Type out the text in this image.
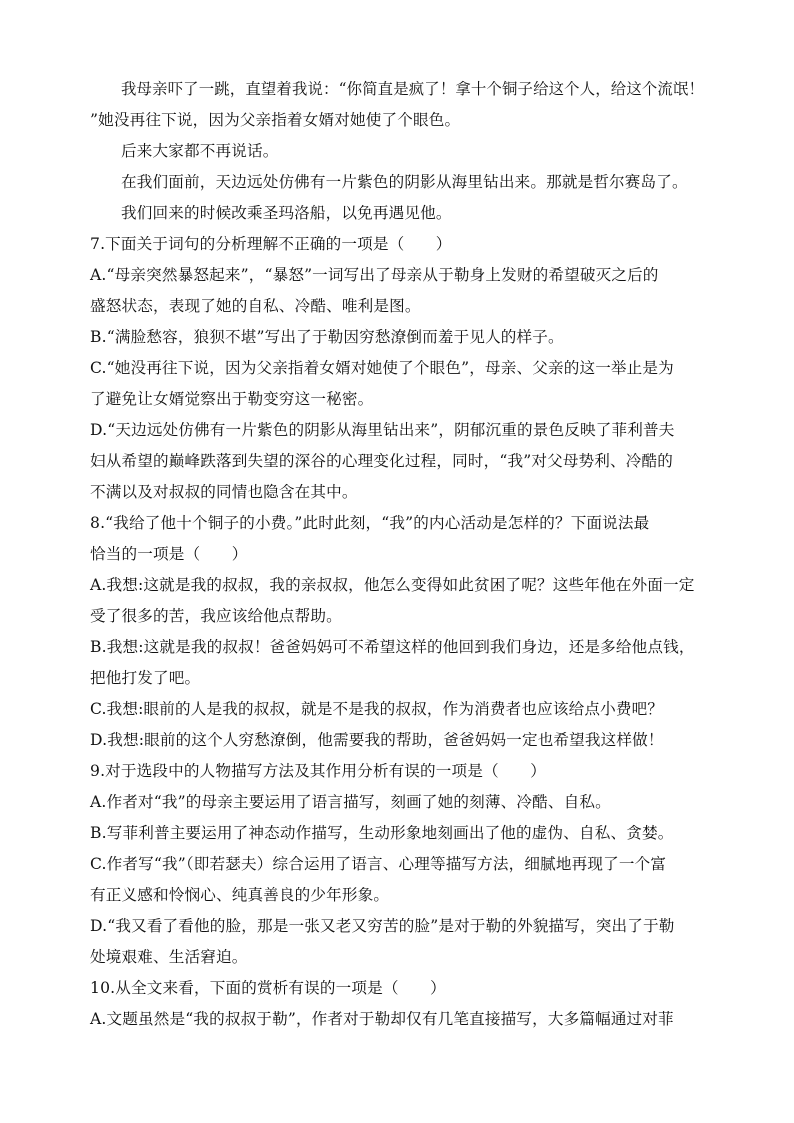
我母亲吓了一跳，直望着我说：“你简直是疯了！拿十个铜子给这个人，给这个流氓！
”她没再往下说，因为父亲指着女婿对她使了个眼色。
后来大家都不再说话。
在我们面前，天边远处仿佛有一片紫色的阴影从海里钻出来。那就是哲尔赛岛了。
我们回来的时候改乘圣玛洛船，以免再遇见他。
7.下面关于词句的分析理解不正确的一项是（　　）
A.“母亲突然暴怒起来”，“暴怒”一词写出了母亲从于勒身上发财的希望破灭之后的
盛怒状态，表现了她的自私、冷酷、唯利是图。
B.“满脸愁容，狼狈不堪”写出了于勒因穷愁潦倒而羞于见人的样子。
C.“她没再往下说，因为父亲指着女婿对她使了个眼色”，母亲、父亲的这一举止是为
了避免让女婿觉察出于勒变穷这一秘密。
D.“天边远处仿佛有一片紫色的阴影从海里钻出来”，阴郁沉重的景色反映了菲利普夫
妇从希望的巅峰跌落到失望的深谷的心理变化过程，同时，“我”对父母势利、冷酷的
不满以及对叔叔的同情也隐含在其中。
8.“我给了他十个铜子的小费。”此时此刻，“我”的内心活动是怎样的？下面说法最
恰当的一项是（　　）
A.我想:这就是我的叔叔，我的亲叔叔，他怎么变得如此贫困了呢？这些年他在外面一定
受了很多的苦，我应该给他点帮助。
B.我想:这就是我的叔叔！爸爸妈妈可不希望这样的他回到我们身边，还是多给他点钱，
把他打发了吧。
C.我想:眼前的人是我的叔叔，就是不是我的叔叔，作为消费者也应该给点小费吧？
D.我想:眼前的这个人穷愁潦倒，他需要我的帮助，爸爸妈妈一定也希望我这样做！
9.对于选段中的人物描写方法及其作用分析有误的一项是（　　）
A.作者对“我”的母亲主要运用了语言描写，刻画了她的刻薄、冷酷、自私。
B.写菲利普主要运用了神态动作描写，生动形象地刻画出了他的虚伪、自私、贪婪。
C.作者写“我”（即若瑟夫）综合运用了语言、心理等描写方法，细腻地再现了一个富
有正义感和怜悯心、纯真善良的少年形象。
D.“我又看了看他的脸，那是一张又老又穷苦的脸”是对于勒的外貌描写，突出了于勒
处境艰难、生活窘迫。
10.从全文来看，下面的赏析有误的一项是（　　）
A.文题虽然是“我的叔叔于勒”，作者对于勒却仅有几笔直接描写，大多篇幅通过对菲
